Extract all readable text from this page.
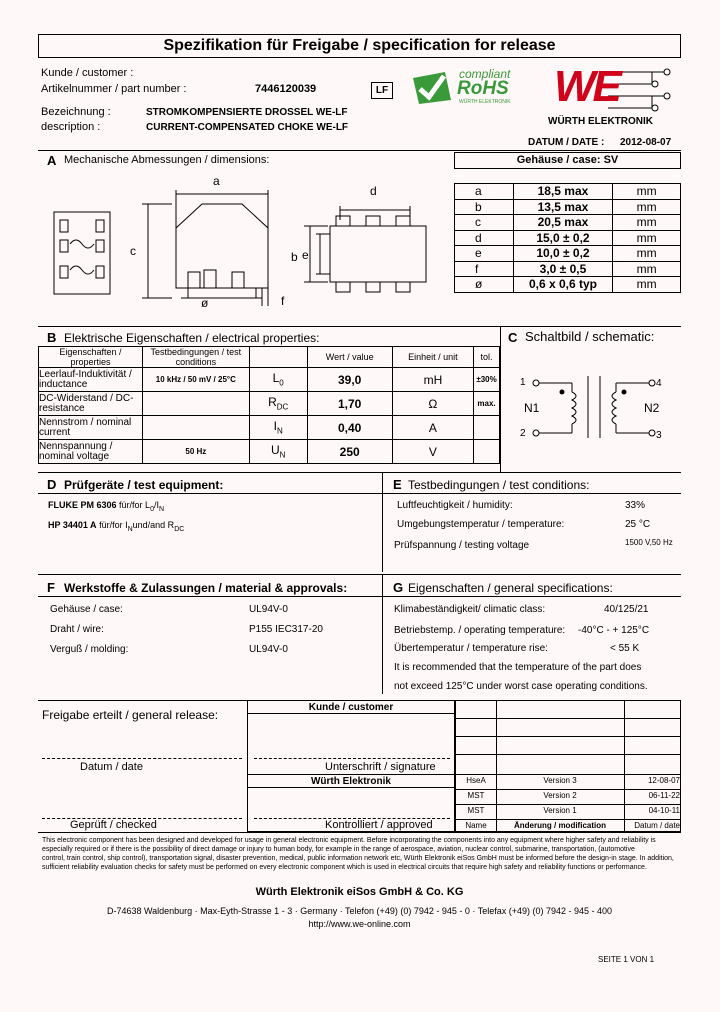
Spezifikation für Freigabe / specification for release
Kunde / customer :
Artikelnummer / part number :	7446120039	LF
Bezeichnung :	STROMKOMPENSIERTE DROSSEL WE-LF
description :	CURRENT-COMPENSATED CHOKE WE-LF
DATUM / DATE : 2012-08-07
compliant
RoHS
WÜRTH ELEKTRONIK WE
WÜRTH ELEKTRONIK
A Mechanische Abmessungen / dimensions:
a
c
ø	f
d
b e
Gehäuse / case: SV
a	18,5 max	mm
b	13,5 max	mm
c	20,5 max	mm
d	15,0 ± 0,2	mm
e	10,0 ± 0,2	mm
f	3,0 ± 0,5	mm
ø	0,6 x 0,6 typ	mm
B Elektrische Eigenschaften / electrical properties:
Eigenschaften / properties	Testbedingungen / test conditions		Wert / value	Einheit / unit	tol.
Leerlauf-Induktivität / inductance	10 kHz / 50 mV / 25°C	$L_0$	39,0	mH	±30%
DC-Widerstand / DC-resistance		$R_{DC}$	1,70	Ω	max.
Nennstrom / nominal current		$I_N$	0,40	A	
Nennspannung / nominal voltage	50 Hz	$U_N$	250	V	
C Schaltbild / schematic:
1
2	3
4
N1	N2
D Prüfgeräte / test equipment:
FLUKE PM 6306 für/for $L_0/I_N$
HP 34401 A für/for $I_Nund$/and $R_{DC}$
E Testbedingungen / test conditions:
Luftfeuchtigkeit / humidity:	33%
Umgebungstemperatur / temperature:	25 °C
Prüfspannung / testing voltage	1500 V,50 Hz
F Werkstoffe & Zulassungen / material & approvals:
Gehäuse / case:	UL94V-0
Draht / wire:	P155 IEC317-20
Verguß / molding:	UL94V-0
G Eigenschaften / general specifications:
Klimabeständigkeit/ climatic class:	40/125/21
Betriebstemp. / operating temperature: -40°C - + 125°C
Übertemperatur / temperature rise:	< 55 K
It is recommended that the temperature of the part does
not exceed 125°C under worst case operating conditions.
Freigabe erteilt / general release:
Kunde / customer
Datum / date	Unterschrift / signature
Würth Elektronik
Geprüft / checked	Kontrolliert / approved
HseA	Version 3	12-08-07
MST	Version 2	06-11-22
MST	Version 1	04-10-11
Name	Änderung / modification	Datum / date
This electronic component has been designed and developed for usage in general electronic equipment. Before incorporating the components into any equipment where higher safety and reliability is
especially required or if there is the possibility of direct damage or injury to human body, for example in the range of aerospace, aviation, nuclear control, submarine, transportation, (automotive
control, train control, ship control), transportation signal, disaster prevention, medical, public information network etc, Würth Elektronik eiSos GmbH must be informed before the design-in stage. In addition,
sufficient reliability evaluation checks for safety must be performed on every electronic component which is used in electrical circuits that require high safety and reliability functions or performance.
Würth Elektronik eiSos GmbH & Co. KG
D-74638 Waldenburg · Max-Eyth-Strasse 1 - 3 · Germany · Telefon (+49) (0) 7942 - 945 - 0 · Telefax (+49) (0) 7942 - 945 - 400
http://www.we-online.com
SEITE 1 VON 1
